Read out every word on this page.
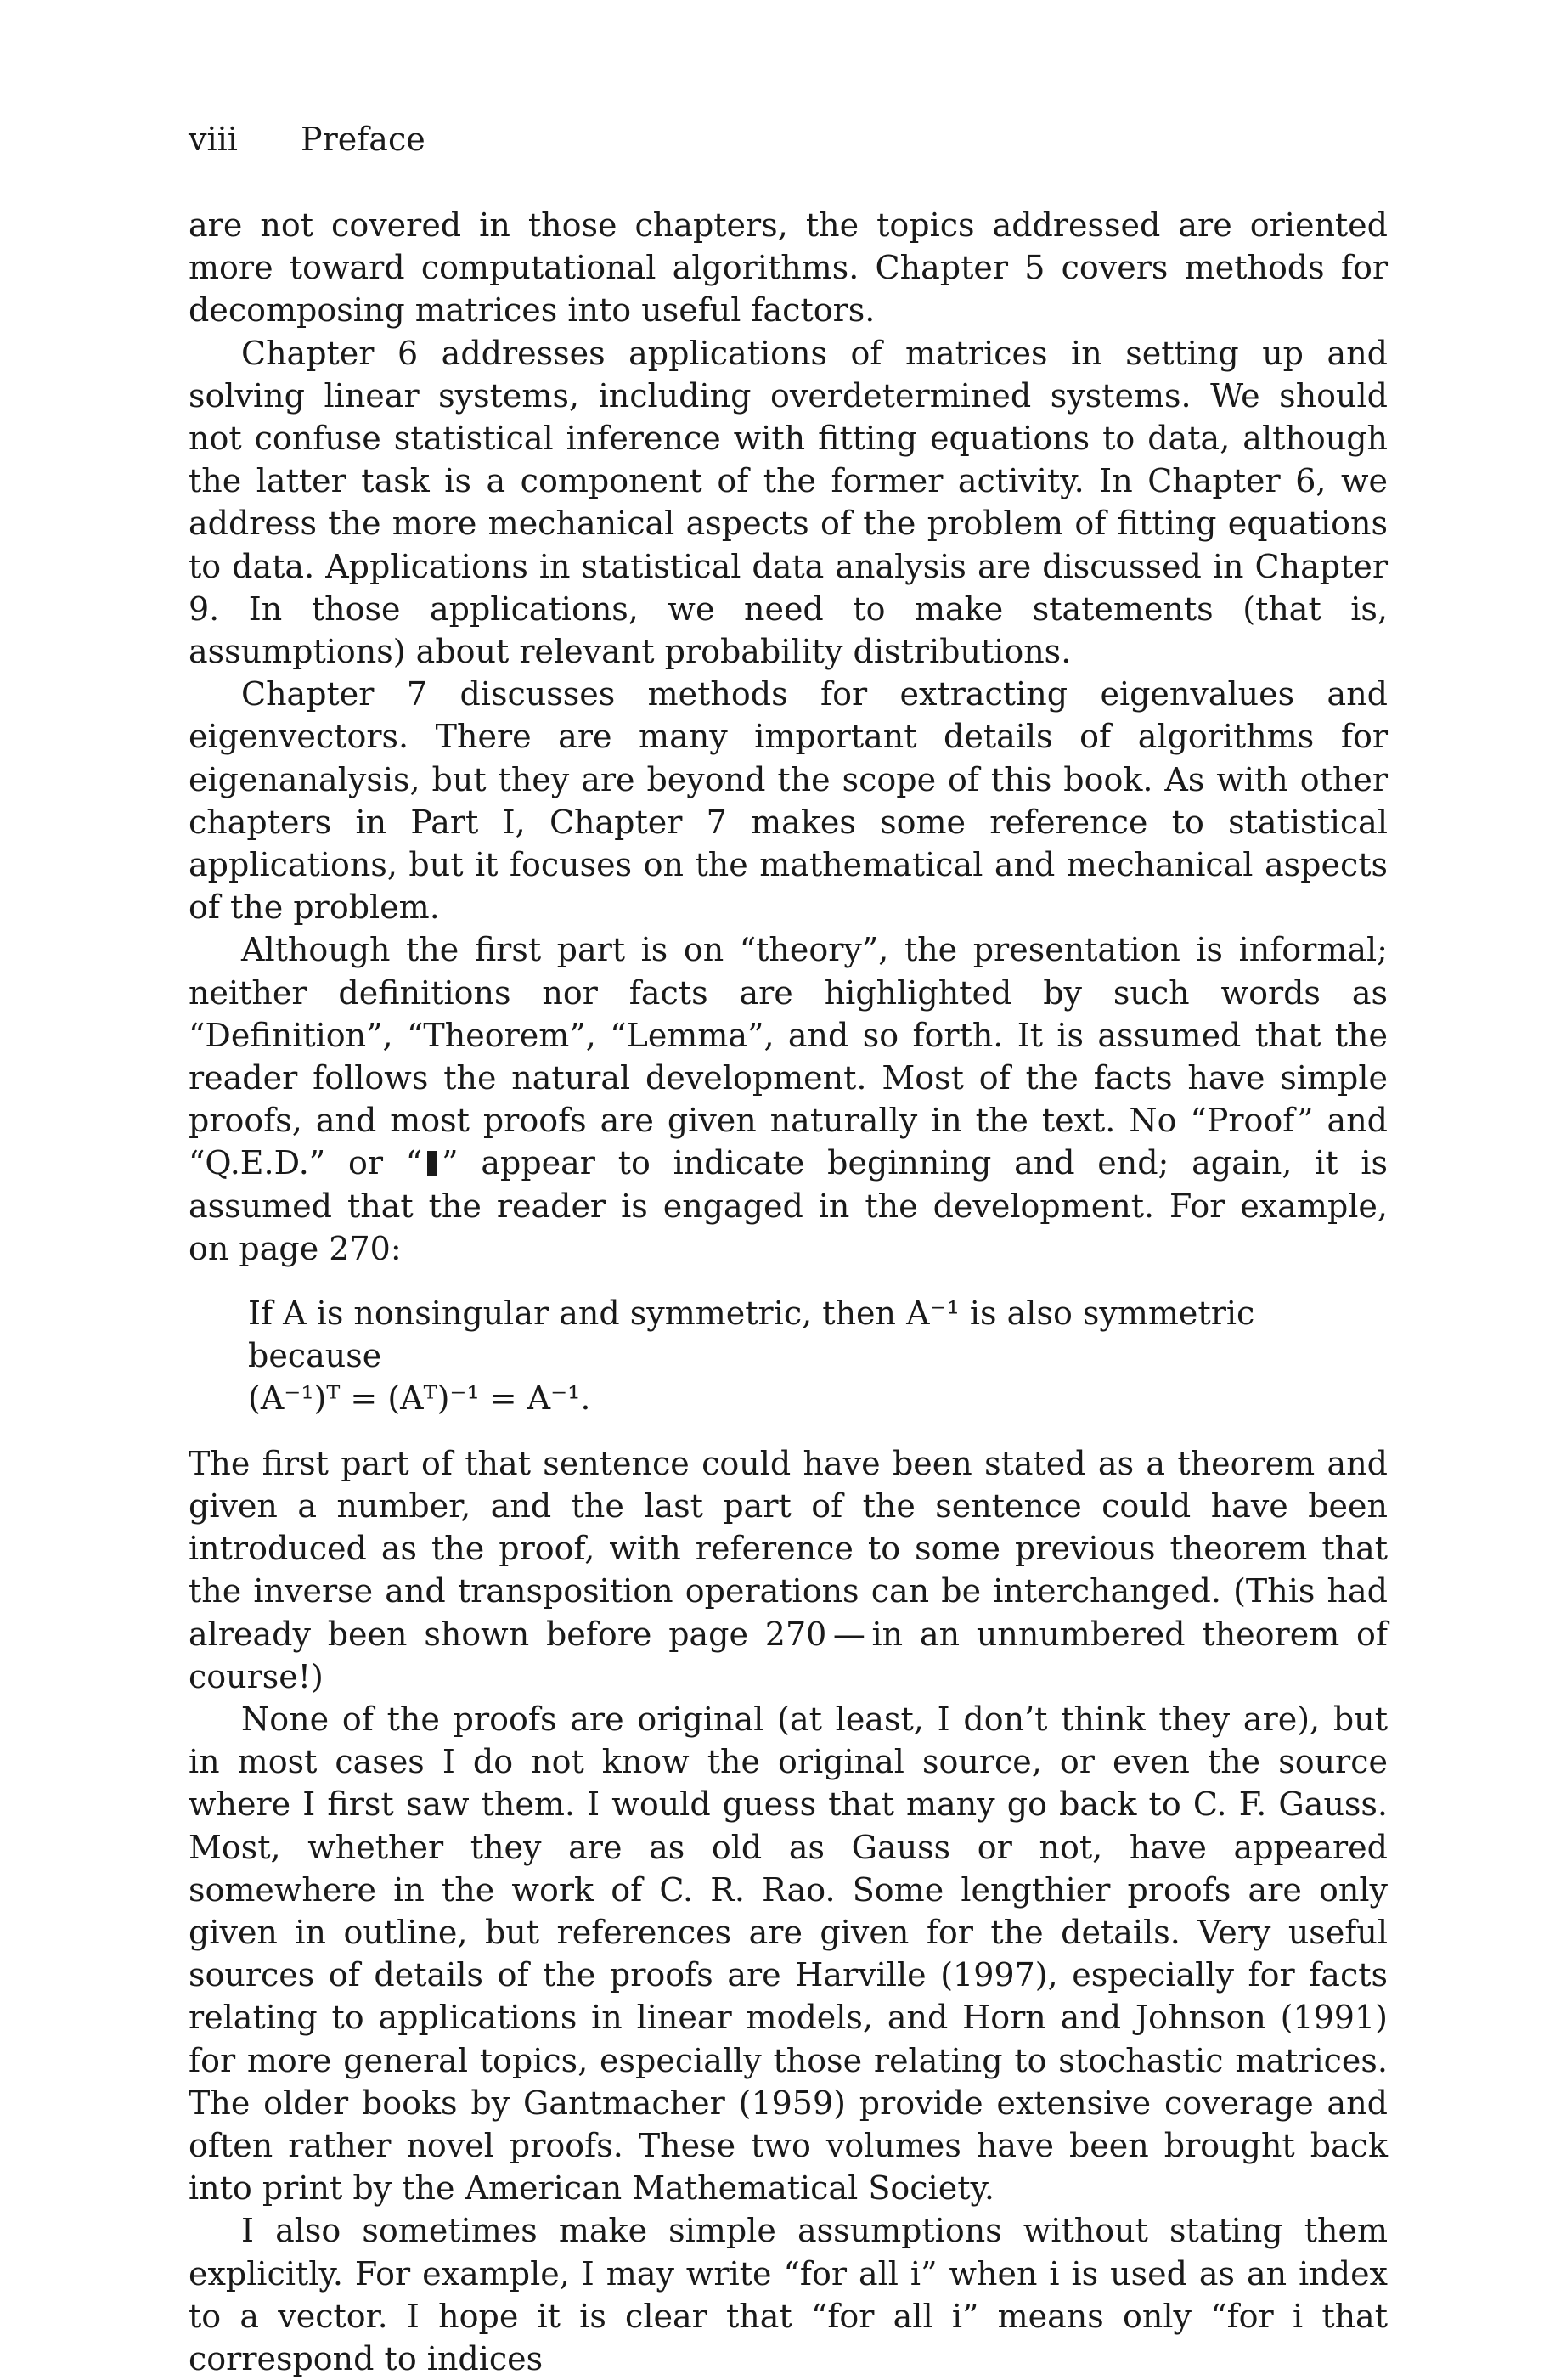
viii Preface

are not covered in those chapters, the topics addressed are oriented more toward computational algorithms. Chapter 5 covers methods for decomposing matrices into useful factors.

Chapter 6 addresses applications of matrices in setting up and solving linear systems, including overdetermined systems. We should not confuse statistical inference with fitting equations to data, although the latter task is a component of the former activity. In Chapter 6, we address the more mechanical aspects of the problem of fitting equations to data. Applications in statistical data analysis are discussed in Chapter 9. In those applications, we need to make statements (that is, assumptions) about relevant probability distributions.

Chapter 7 discusses methods for extracting eigenvalues and eigenvectors. There are many important details of algorithms for eigenanalysis, but they are beyond the scope of this book. As with other chapters in Part I, Chapter 7 makes some reference to statistical applications, but it focuses on the mathematical and mechanical aspects of the problem.

Although the first part is on “theory”, the presentation is informal; neither definitions nor facts are highlighted by such words as “Definition”, “Theorem”, “Lemma”, and so forth. It is assumed that the reader follows the natural development. Most of the facts have simple proofs, and most proofs are given naturally in the text. No “Proof” and “Q.E.D.” or “ ” appear to indicate beginning and end; again, it is assumed that the reader is engaged in the development. For example, on page 270:

If A is nonsingular and symmetric, then A⁻¹ is also symmetric because
(A⁻¹)ᵀ = (Aᵀ)⁻¹ = A⁻¹.

The first part of that sentence could have been stated as a theorem and given a number, and the last part of the sentence could have been introduced as the proof, with reference to some previous theorem that the inverse and transposition operations can be interchanged. (This had already been shown before page 270 — in an unnumbered theorem of course!)

None of the proofs are original (at least, I don’t think they are), but in most cases I do not know the original source, or even the source where I first saw them. I would guess that many go back to C. F. Gauss. Most, whether they are as old as Gauss or not, have appeared somewhere in the work of C. R. Rao. Some lengthier proofs are only given in outline, but references are given for the details. Very useful sources of details of the proofs are Harville (1997), especially for facts relating to applications in linear models, and Horn and Johnson (1991) for more general topics, especially those relating to stochastic matrices. The older books by Gantmacher (1959) provide extensive coverage and often rather novel proofs. These two volumes have been brought back into print by the American Mathematical Society.

I also sometimes make simple assumptions without stating them explicitly. For example, I may write “for all i” when i is used as an index to a vector. I hope it is clear that “for all i” means only “for i that correspond to indices
